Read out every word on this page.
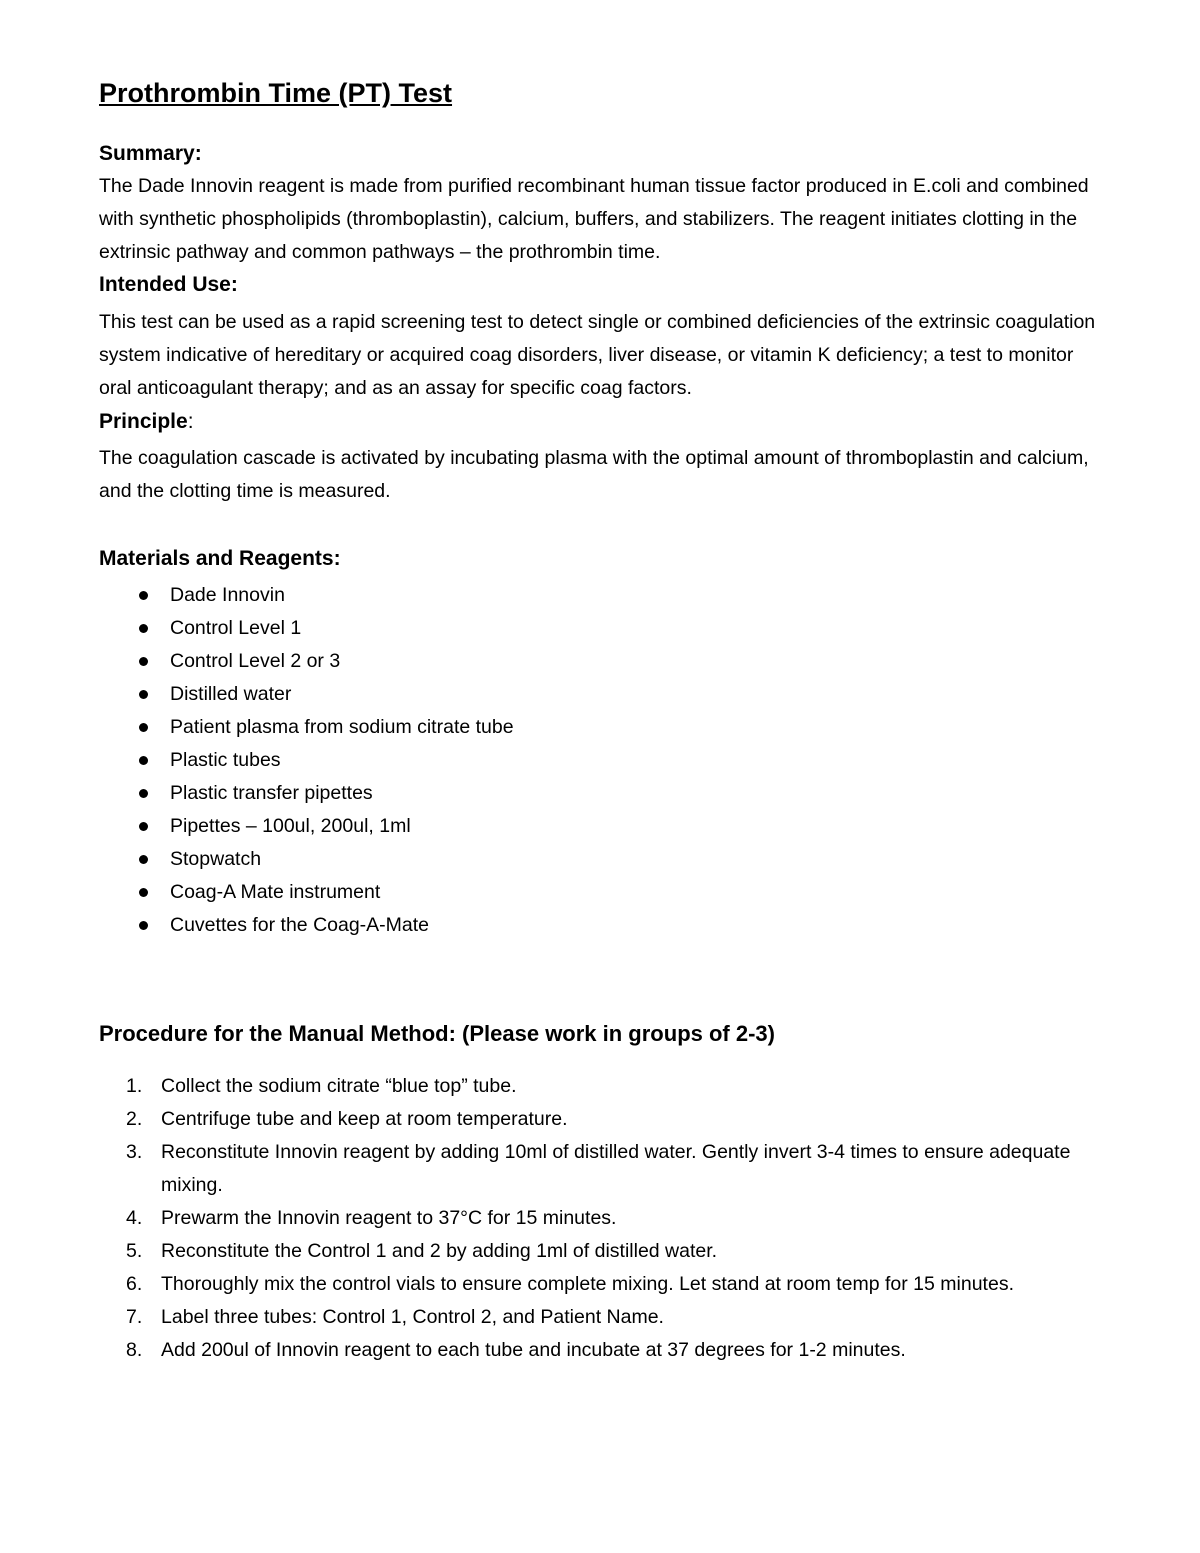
Prothrombin Time (PT) Test
Summary:

The Dade Innovin reagent is made from purified recombinant human tissue factor produced in E.coli and combined with synthetic phospholipids (thromboplastin), calcium, buffers, and stabilizers. The reagent initiates clotting in the extrinsic pathway and common pathways – the prothrombin time.

Intended Use:

This test can be used as a rapid screening test to detect single or combined deficiencies of the extrinsic coagulation system indicative of hereditary or acquired coag disorders, liver disease, or vitamin K deficiency; a test to monitor oral anticoagulant therapy; and as an assay for specific coag factors.

Principle:

The coagulation cascade is activated by incubating plasma with the optimal amount of thromboplastin and calcium, and the clotting time is measured.

Materials and Reagents:
Dade Innovin
Control Level 1
Control Level 2 or 3
Distilled water
Patient plasma from sodium citrate tube
Plastic tubes
Plastic transfer pipettes
Pipettes – 100ul, 200ul, 1ml
Stopwatch
Coag-A Mate instrument
Cuvettes for the Coag-A-Mate
Procedure for the Manual Method: (Please work in groups of 2-3)
1. Collect the sodium citrate “blue top” tube.
2. Centrifuge tube and keep at room temperature.
3. Reconstitute Innovin reagent by adding 10ml of distilled water. Gently invert 3-4 times to ensure adequate mixing.
4. Prewarm the Innovin reagent to 37°C for 15 minutes.
5. Reconstitute the Control 1 and 2 by adding 1ml of distilled water.
6. Thoroughly mix the control vials to ensure complete mixing. Let stand at room temp for 15 minutes.
7. Label three tubes: Control 1, Control 2, and Patient Name.
8. Add 200ul of Innovin reagent to each tube and incubate at 37 degrees for 1-2 minutes.
